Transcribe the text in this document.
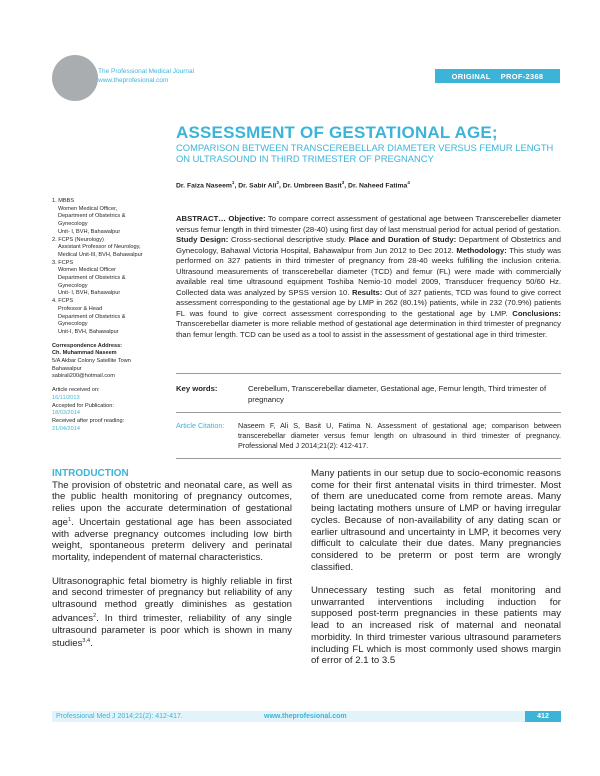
The Professional Medical Journal
www.theprofesional.com	ORIGINAL PROF-2368
ASSESSMENT OF GESTATIONAL AGE;
COMPARISON BETWEEN TRANSCEREBELLAR DIAMETER VERSUS FEMUR LENGTH ON ULTRASOUND IN THIRD TRIMESTER OF PREGNANCY
Dr. Faiza Naseem$^1$, Dr. Sabir Ali$^2$, Dr. Umbreen Basit$^3$, Dr. Naheed Fatima$^4$
1. MBBS
Women Medical Officer,
Department of Obstetrics &
Gynecology
Unit- I, BVH, Bahawalpur
2. FCPS (Neurology)
Assistant Professor of Neurology,
Medical Unit-III, BVH, Bahawalpur
3. FCPS
Women Medical Officer
Department of Obstetrics &
Gynecology
Unit- I, BVH, Bahawalpur
4. FCPS
Professor & Head
Department of Obstetrics &
Gynecology
Unit-I, BVH, Bahawalpur
Correspondence Address:
Ch. Muhammad Naseem
5/A Akbar Colony Satellite Town
Bahawalpur
sabirali200@hotmail.com
Article received on:
16/11/2013
Accepted for Publication:
18/03/2014
Received after proof reading:
21/04/2014
ABSTRACT… Objective: To compare correct assessment of gestational age between Transcerebeller diameter versus femur length in third trimester (28-40) using first day of last menstrual period for actual period of gestation. Study Design: Cross-sectional descriptive study. Place and Duration of Study: Department of Obstetrics and Gynecology, Bahawal Victoria Hospital, Bahawalpur from Jun 2012 to Dec 2012. Methodology: This study was performed on 327 patients in third trimester of pregnancy from 28-40 weeks fulfilling the inclusion criteria. Ultrasound measurements of transcerebellar diameter (TCD) and femur (FL) were made with commercially available real time ultrasound equipment Toshiba Nemio-10 model 2009, Transducer frequency 50/60 Hz. Collected data was analyzed by SPSS version 10. Results: Out of 327 patients, TCD was found to give correct assessment corresponding to the gestational age by LMP in 262 (80.1%) patients, while in 232 (70.9%) patients FL was found to give correct assessment corresponding to the gestational age by LMP. Conclusions: Transcerebellar diameter is more reliable method of gestational age determination in third trimester of pregnancy than femur length. TCD can be used as a tool to assist in the assessment of gestational age in third trimester.
Key words:	Cerebellum, Transcerebellar diameter, Gestational age, Femur length, Third trimester of pregnancy
Article Citation:	Naseem F, Ali S, Basit U, Fatima N. Assessment of gestational age; comparison between transcerebellar diameter versus femur length on ultrasound in third trimester of pregnancy. Professional Med J 2014;21(2): 412-417.
INTRODUCTION

The provision of obstetric and neonatal care, as well as the public health monitoring of pregnancy outcomes, relies upon the accurate determination of gestational age$^1$. Uncertain gestational age has been associated with adverse pregnancy outcomes including low birth weight, spontaneous preterm delivery and perinatal mortality, independent of maternal characteristics.

Ultrasonographic fetal biometry is highly reliable in first and second trimester of pregnancy but reliability of any ultrasound method greatly diminishes as gestation advances$^2$. In third trimester, reliability of any single ultrasound parameter is poor which is shown in many studies$^{3,4}$.

Many patients in our setup due to socio-economic reasons come for their first antenatal visits in third trimester. Most of them are uneducated come from remote areas. Many being lactating mothers unsure of LMP or having irregular cycles. Because of non-availability of any dating scan or earlier ultrasound and uncertainty in LMP, it becomes very difficult to calculate their due dates. Many pregnancies considered to be preterm or post term are wrongly classified.

Unnecessary testing such as fetal monitoring and unwarranted interventions including induction for supposed post-term pregnancies in these patients may lead to an increased risk of maternal and neonatal morbidity. In third trimester various ultrasound parameters including FL which is most commonly used shows margin of error of 2.1 to 3.5

Professional Med J 2014;21(2): 412-417.	www.theprofesional.com	412
